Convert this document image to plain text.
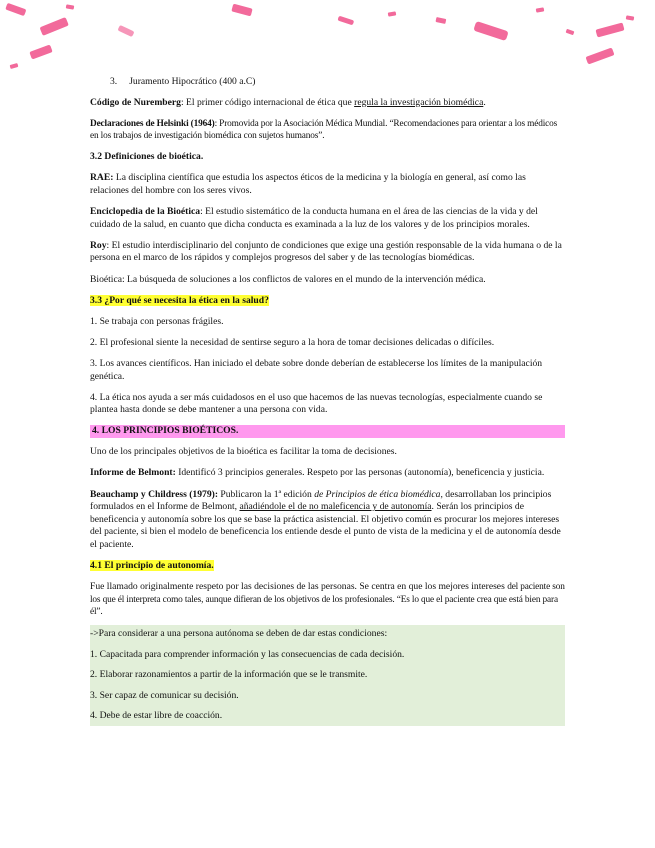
3. Juramento Hipocrático (400 a.C)

Código de Nuremberg: El primer código internacional de ética que regula la investigación biomédica.

Declaraciones de Helsinki (1964): Promovida por la Asociación Médica Mundial. “Recomendaciones para orientar a los médicos en los trabajos de investigación biomédica con sujetos humanos”.

3.2 Definiciones de bioética.

RAE: La disciplina científica que estudia los aspectos éticos de la medicina y la biología en general, así como las relaciones del hombre con los seres vivos.

Enciclopedia de la Bioética: El estudio sistemático de la conducta humana en el área de las ciencias de la vida y del cuidado de la salud, en cuanto que dicha conducta es examinada a la luz de los valores y de los principios morales.

Roy: El estudio interdisciplinario del conjunto de condiciones que exige una gestión responsable de la vida humana o de la persona en el marco de los rápidos y complejos progresos del saber y de las tecnologías biomédicas.

Bioética: La búsqueda de soluciones a los conflictos de valores en el mundo de la intervención médica.

3.3 ¿Por qué se necesita la ética en la salud?

1. Se trabaja con personas frágiles.

2. El profesional siente la necesidad de sentirse seguro a la hora de tomar decisiones delicadas o difíciles.

3. Los avances científicos. Han iniciado el debate sobre donde deberían de establecerse los límites de la manipulación genética.

4. La ética nos ayuda a ser más cuidadosos en el uso que hacemos de las nuevas tecnologías, especialmente cuando se plantea hasta donde se debe mantener a una persona con vida.

4. LOS PRINCIPIOS BIOÉTICOS.

Uno de los principales objetivos de la bioética es facilitar la toma de decisiones.

Informe de Belmont: Identificó 3 principios generales. Respeto por las personas (autonomía), beneficencia y justicia.

Beauchamp y Childress (1979): Publicaron la 1ª edición de Principios de ética biomédica, desarrollaban los principios formulados en el Informe de Belmont, añadiéndole el de no maleficencia y de autonomía. Serán los principios de beneficencia y autonomía sobre los que se base la práctica asistencial. El objetivo común es procurar los mejores intereses del paciente, si bien el modelo de beneficencia los entiende desde el punto de vista de la medicina y el de autonomía desde el paciente.

4.1 El principio de autonomía.

Fue llamado originalmente respeto por las decisiones de las personas. Se centra en que los mejores intereses del paciente son los que él interpreta como tales, aunque difieran de los objetivos de los profesionales. “Es lo que el paciente crea que está bien para él”.

->Para considerar a una persona autónoma se deben de dar estas condiciones:

1. Capacitada para comprender información y las consecuencias de cada decisión.

2. Elaborar razonamientos a partir de la información que se le transmite.

3. Ser capaz de comunicar su decisión.

4. Debe de estar libre de coacción.
